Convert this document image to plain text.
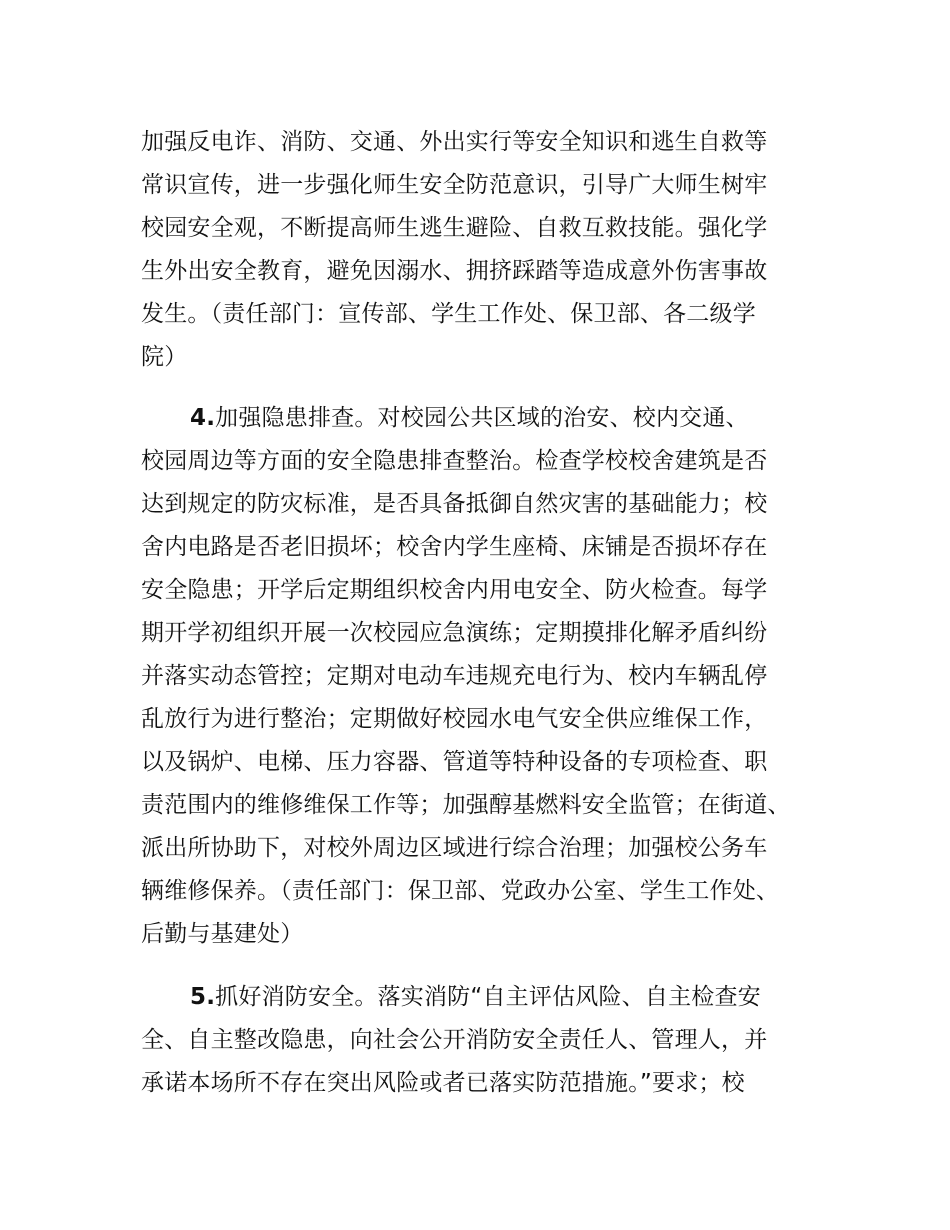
加强反电诈、消防、交通、外出实行等安全知识和逃生自救等
常识宣传，进一步强化师生安全防范意识，引导广大师生树牢
校园安全观，不断提高师生逃生避险、自救互救技能。强化学
生外出安全教育，避免因溺水、拥挤踩踏等造成意外伤害事故
发生。（责任部门：宣传部、学生工作处、保卫部、各二级学
院）
4.加强隐患排查。对校园公共区域的治安、校内交通、
校园周边等方面的安全隐患排查整治。检查学校校舍建筑是否
达到规定的防灾标准，是否具备抵御自然灾害的基础能力；校
舍内电路是否老旧损坏；校舍内学生座椅、床铺是否损坏存在
安全隐患；开学后定期组织校舍内用电安全、防火检查。每学
期开学初组织开展一次校园应急演练；定期摸排化解矛盾纠纷
并落实动态管控；定期对电动车违规充电行为、校内车辆乱停
乱放行为进行整治；定期做好校园水电气安全供应维保工作，
以及锅炉、电梯、压力容器、管道等特种设备的专项检查、职
责范围内的维修维保工作等；加强醇基燃料安全监管；在街道、
派出所协助下，对校外周边区域进行综合治理；加强校公务车
辆维修保养。（责任部门：保卫部、党政办公室、学生工作处、
后勤与基建处）
5.抓好消防安全。落实消防“自主评估风险、自主检查安
全、自主整改隐患，向社会公开消防安全责任人、管理人，并
承诺本场所不存在突出风险或者已落实防范措施。”要求；校
